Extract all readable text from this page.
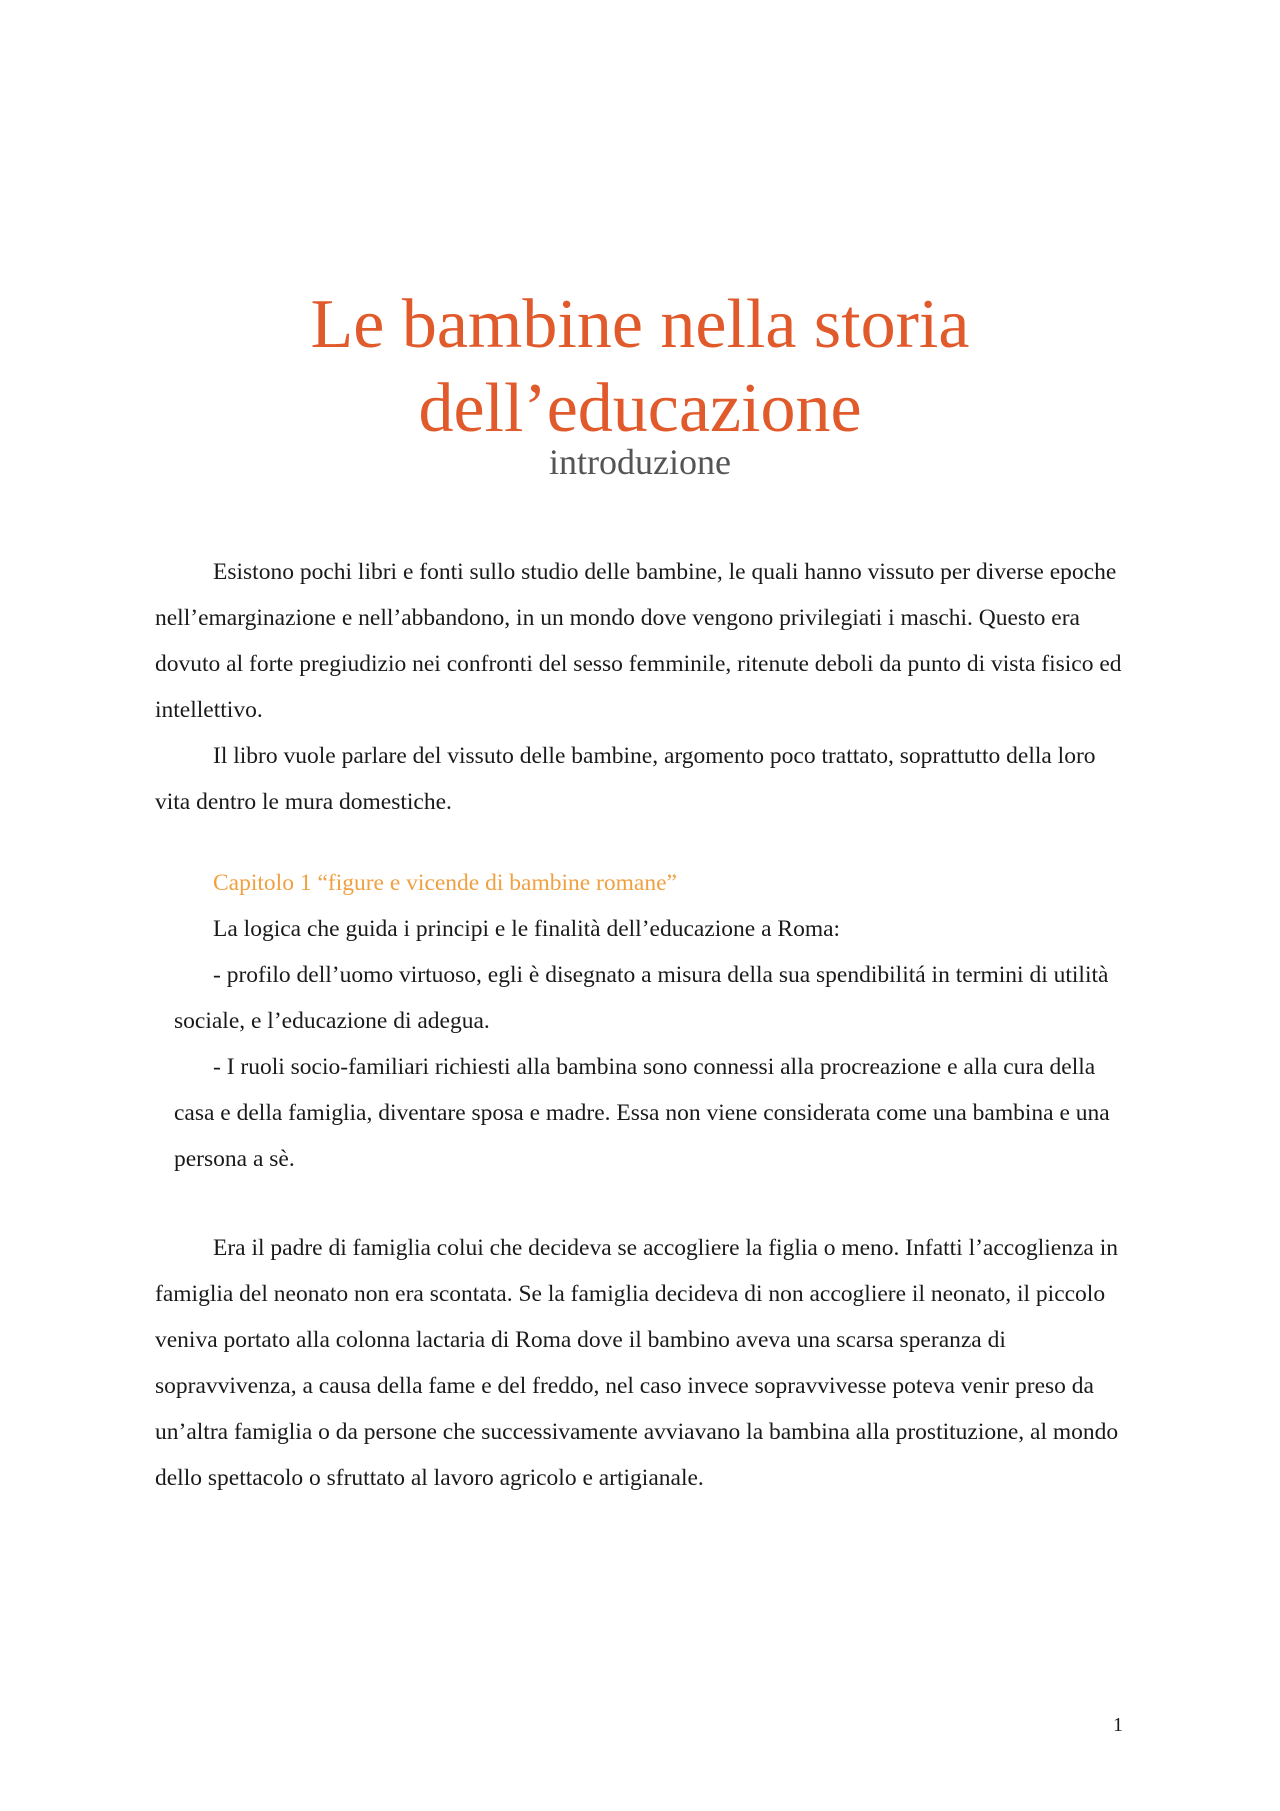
Le bambine nella storia
dell’educazione
introduzione

Esistono pochi libri e fonti sullo studio delle bambine, le quali hanno vissuto per diverse epoche nell’emarginazione e nell’abbandono, in un mondo dove vengono privilegiati i maschi. Questo era dovuto al forte pregiudizio nei confronti del sesso femminile, ritenute deboli da punto di vista fisico ed intellettivo.

Il libro vuole parlare del vissuto delle bambine, argomento poco trattato, soprattutto della loro vita dentro le mura domestiche.

Capitolo 1 “figure e vicende di bambine romane”

La logica che guida i principi e le finalità dell’educazione a Roma:

- profilo dell’uomo virtuoso, egli è disegnato a misura della sua spendibilitá in termini di utilità sociale, e l’educazione di adegua.

- I ruoli socio-familiari richiesti alla bambina sono connessi alla procreazione e alla cura della casa e della famiglia, diventare sposa e madre. Essa non viene considerata come una bambina e una persona a sè.

Era il padre di famiglia colui che decideva se accogliere la figlia o meno. Infatti l’accoglienza in famiglia del neonato non era scontata. Se la famiglia decideva di non accogliere il neonato, il piccolo veniva portato alla colonna lactaria di Roma dove il bambino aveva una scarsa speranza di sopravvivenza, a causa della fame e del freddo, nel caso invece sopravvivesse poteva venir preso da un’altra famiglia o da persone che successivamente avviavano la bambina alla prostituzione, al mondo dello spettacolo o sfruttato al lavoro agricolo e artigianale.

1
